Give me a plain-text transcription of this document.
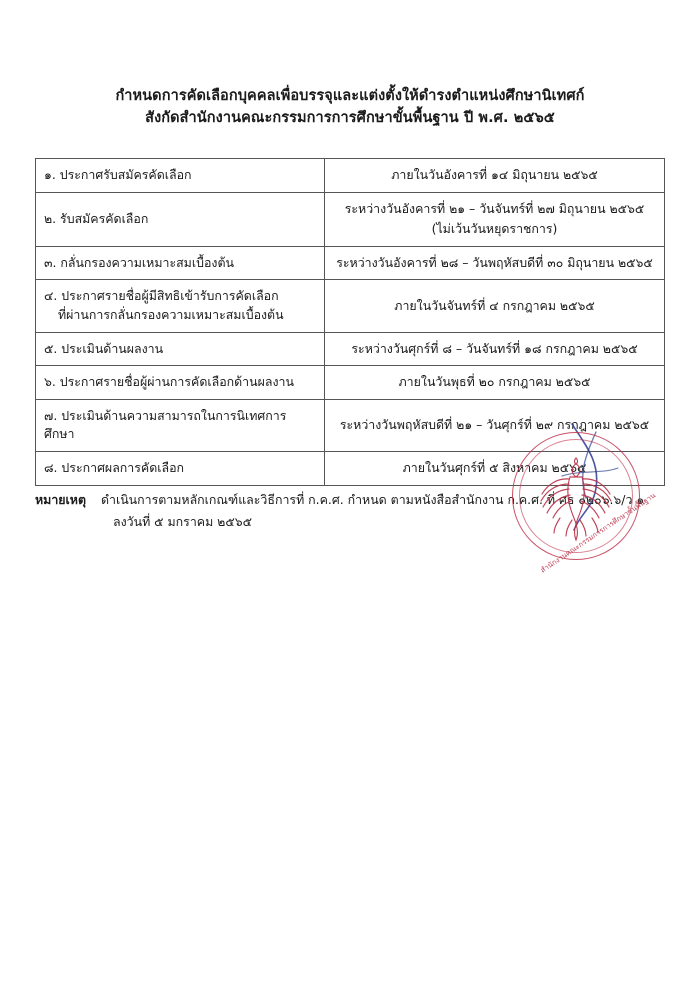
กำหนดการคัดเลือกบุคคลเพื่อบรรจุและแต่งตั้งให้ดำรงตำแหน่งศึกษานิเทศก์
สังกัดสำนักงานคณะกรรมการการศึกษาขั้นพื้นฐาน ปี พ.ศ. ๒๕๖๕
๑. ประกาศรับสมัครคัดเลือก	ภายในวันอังคารที่ ๑๔ มิถุนายน ๒๕๖๕
๒. รับสมัครคัดเลือก	ระหว่างวันอังคารที่ ๒๑ – วันจันทร์ที่ ๒๗ มิถุนายน ๒๕๖๕
(ไม่เว้นวันหยุดราชการ)

๓. กลั่นกรองความเหมาะสมเบื้องต้น	ระหว่างวันอังคารที่ ๒๘ – วันพฤหัสบดีที่ ๓๐ มิถุนายน ๒๕๖๕
๔. ประกาศรายชื่อผู้มีสิทธิเข้ารับการคัดเลือก
ที่ผ่านการกลั่นกรองความเหมาะสมเบื้องต้น	ภายในวันจันทร์ที่ ๔ กรกฎาคม ๒๕๖๕
๕. ประเมินด้านผลงาน	ระหว่างวันศุกร์ที่ ๘ – วันจันทร์ที่ ๑๘ กรกฎาคม ๒๕๖๕
๖. ประกาศรายชื่อผู้ผ่านการคัดเลือกด้านผลงาน	ภายในวันพุธที่ ๒๐ กรกฎาคม ๒๕๖๕
๗. ประเมินด้านความสามารถในการนิเทศการศึกษา	ระหว่างวันพฤหัสบดีที่ ๒๑ – วันศุกร์ที่ ๒๙ กรกฎาคม ๒๕๖๕
๘. ประกาศผลการคัดเลือก	ภายในวันศุกร์ที่ ๕ สิงหาคม ๒๕๖๕
หมายเหตุ ดำเนินการตามหลักเกณฑ์และวิธีการที่ ก.ค.ศ. กำหนด ตามหนังสือสำนักงาน ก.ค.ศ. ที่ ศธ ๐๒๐๖.๖/ว ๑
ลงวันที่ ๕ มกราคม ๒๕๖๕	สำนักงานคณะกรรมการการศึกษาขั้นพื้นฐาน
